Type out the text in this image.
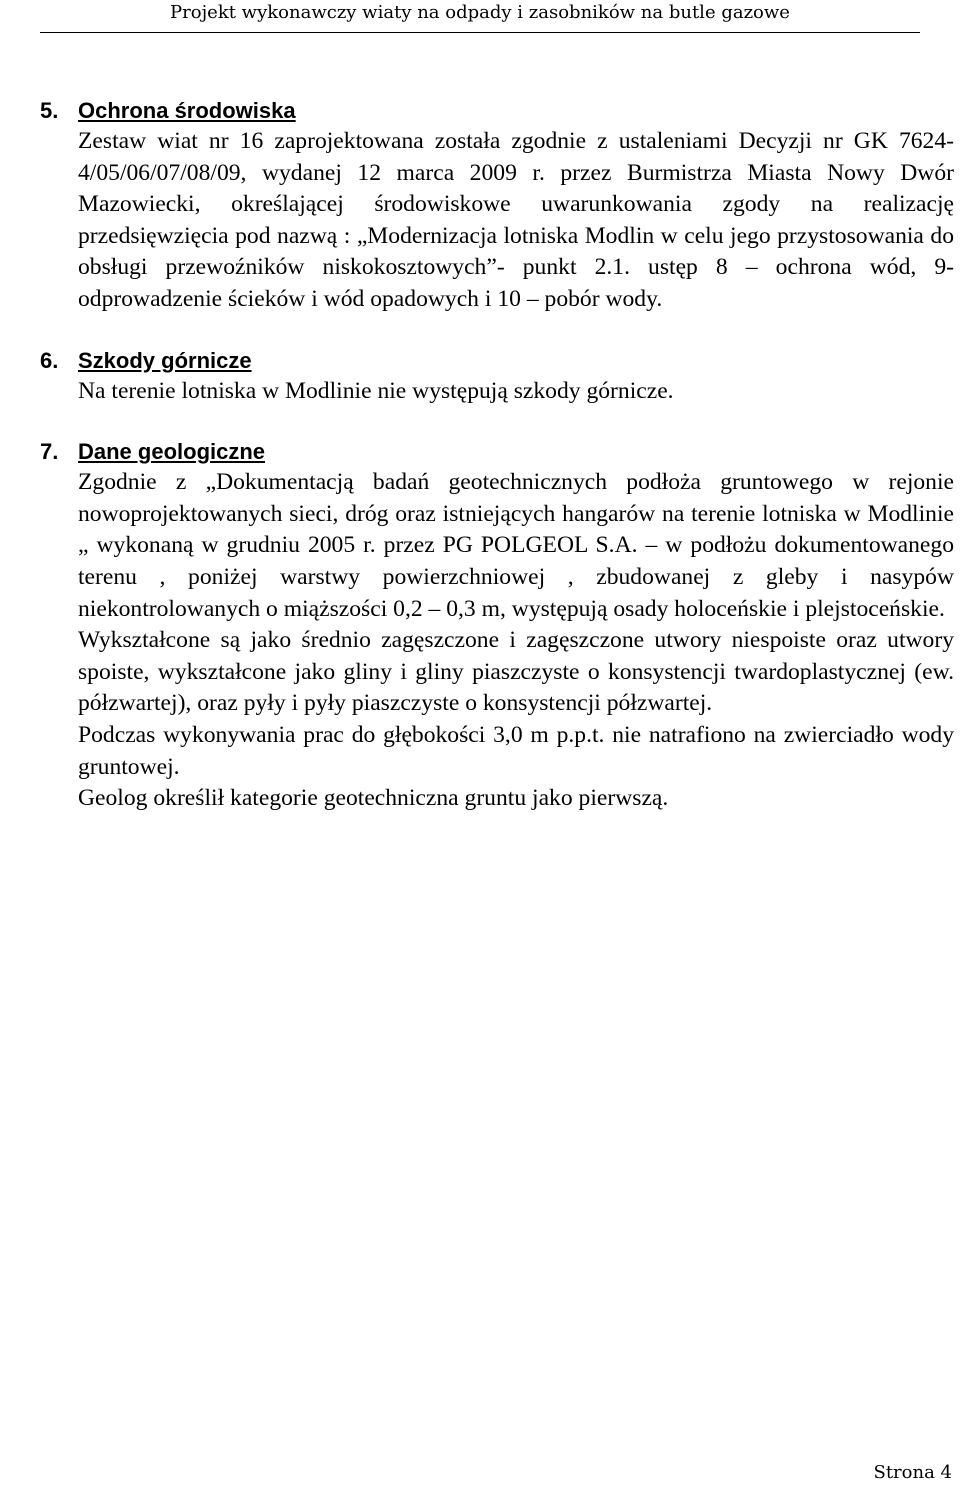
Projekt wykonawczy wiaty na odpady i zasobników na butle gazowe
5. Ochrona środowiska

Zestaw wiat nr 16 zaprojektowana została zgodnie z ustaleniami Decyzji nr GK 7624-4/05/06/07/08/09, wydanej 12 marca 2009 r. przez Burmistrza Miasta Nowy Dwór Mazowiecki, określającej środowiskowe uwarunkowania zgody na realizację przedsięwzięcia pod nazwą : „Modernizacja lotniska Modlin w celu jego przystosowania do obsługi przewoźników niskokosztowych”- punkt 2.1. ustęp 8 – ochrona wód, 9- odprowadzenie ścieków i wód opadowych i 10 – pobór wody.

6. Szkody górnicze

Na terenie lotniska w Modlinie nie występują szkody górnicze.

7. Dane geologiczne

Zgodnie z „Dokumentacją badań geotechnicznych podłoża gruntowego w rejonie nowoprojektowanych sieci, dróg oraz istniejących hangarów na terenie lotniska w Modlinie „ wykonaną w grudniu 2005 r. przez PG POLGEOL S.A. – w podłożu dokumentowanego terenu , poniżej warstwy powierzchniowej , zbudowanej z gleby i nasypów niekontrolowanych o miąższości 0,2 – 0,3 m, występują osady holoceńskie i plejstoceńskie.

Wykształcone są jako średnio zagęszczone i zagęszczone utwory niespoiste oraz utwory spoiste, wykształcone jako gliny i gliny piaszczyste o konsystencji twardoplastycznej (ew. półzwartej), oraz pyły i pyły piaszczyste o konsystencji półzwartej.

Podczas wykonywania prac do głębokości 3,0 m p.p.t. nie natrafiono na zwierciadło wody gruntowej.

Geolog określił kategorie geotechniczna gruntu jako pierwszą.

Strona 4
